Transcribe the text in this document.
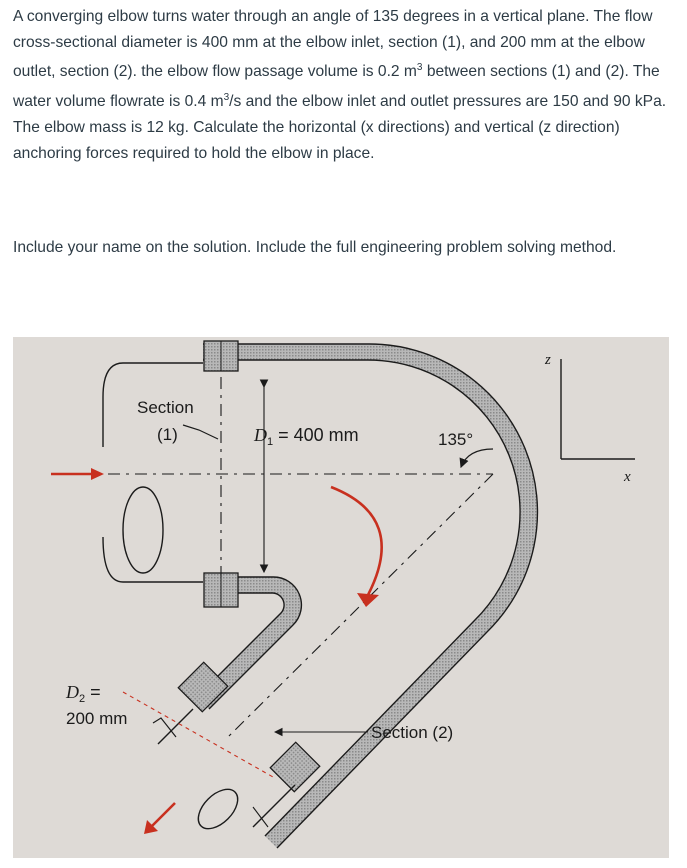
A converging elbow turns water through an angle of 135 degrees in a vertical plane. The flow cross-sectional diameter is 400 mm at the elbow inlet, section (1), and 200 mm at the elbow outlet, section (2). the elbow flow passage volume is 0.2 $m^3$ between sections (1) and (2). The water volume flowrate is 0.4 $m^3/s$ and the elbow inlet and outlet pressures are 150 and 90 kPa. The elbow mass is 12 kg. Calculate the horizontal (x directions) and vertical (z direction) anchoring forces required to hold the elbow in place.

Include your name on the solution. Include the full engineering problem solving method.

Section
(1)	$D_1 = 400$ mm	135°
$D_2$ =
200 mm
Section (2)
z
x
